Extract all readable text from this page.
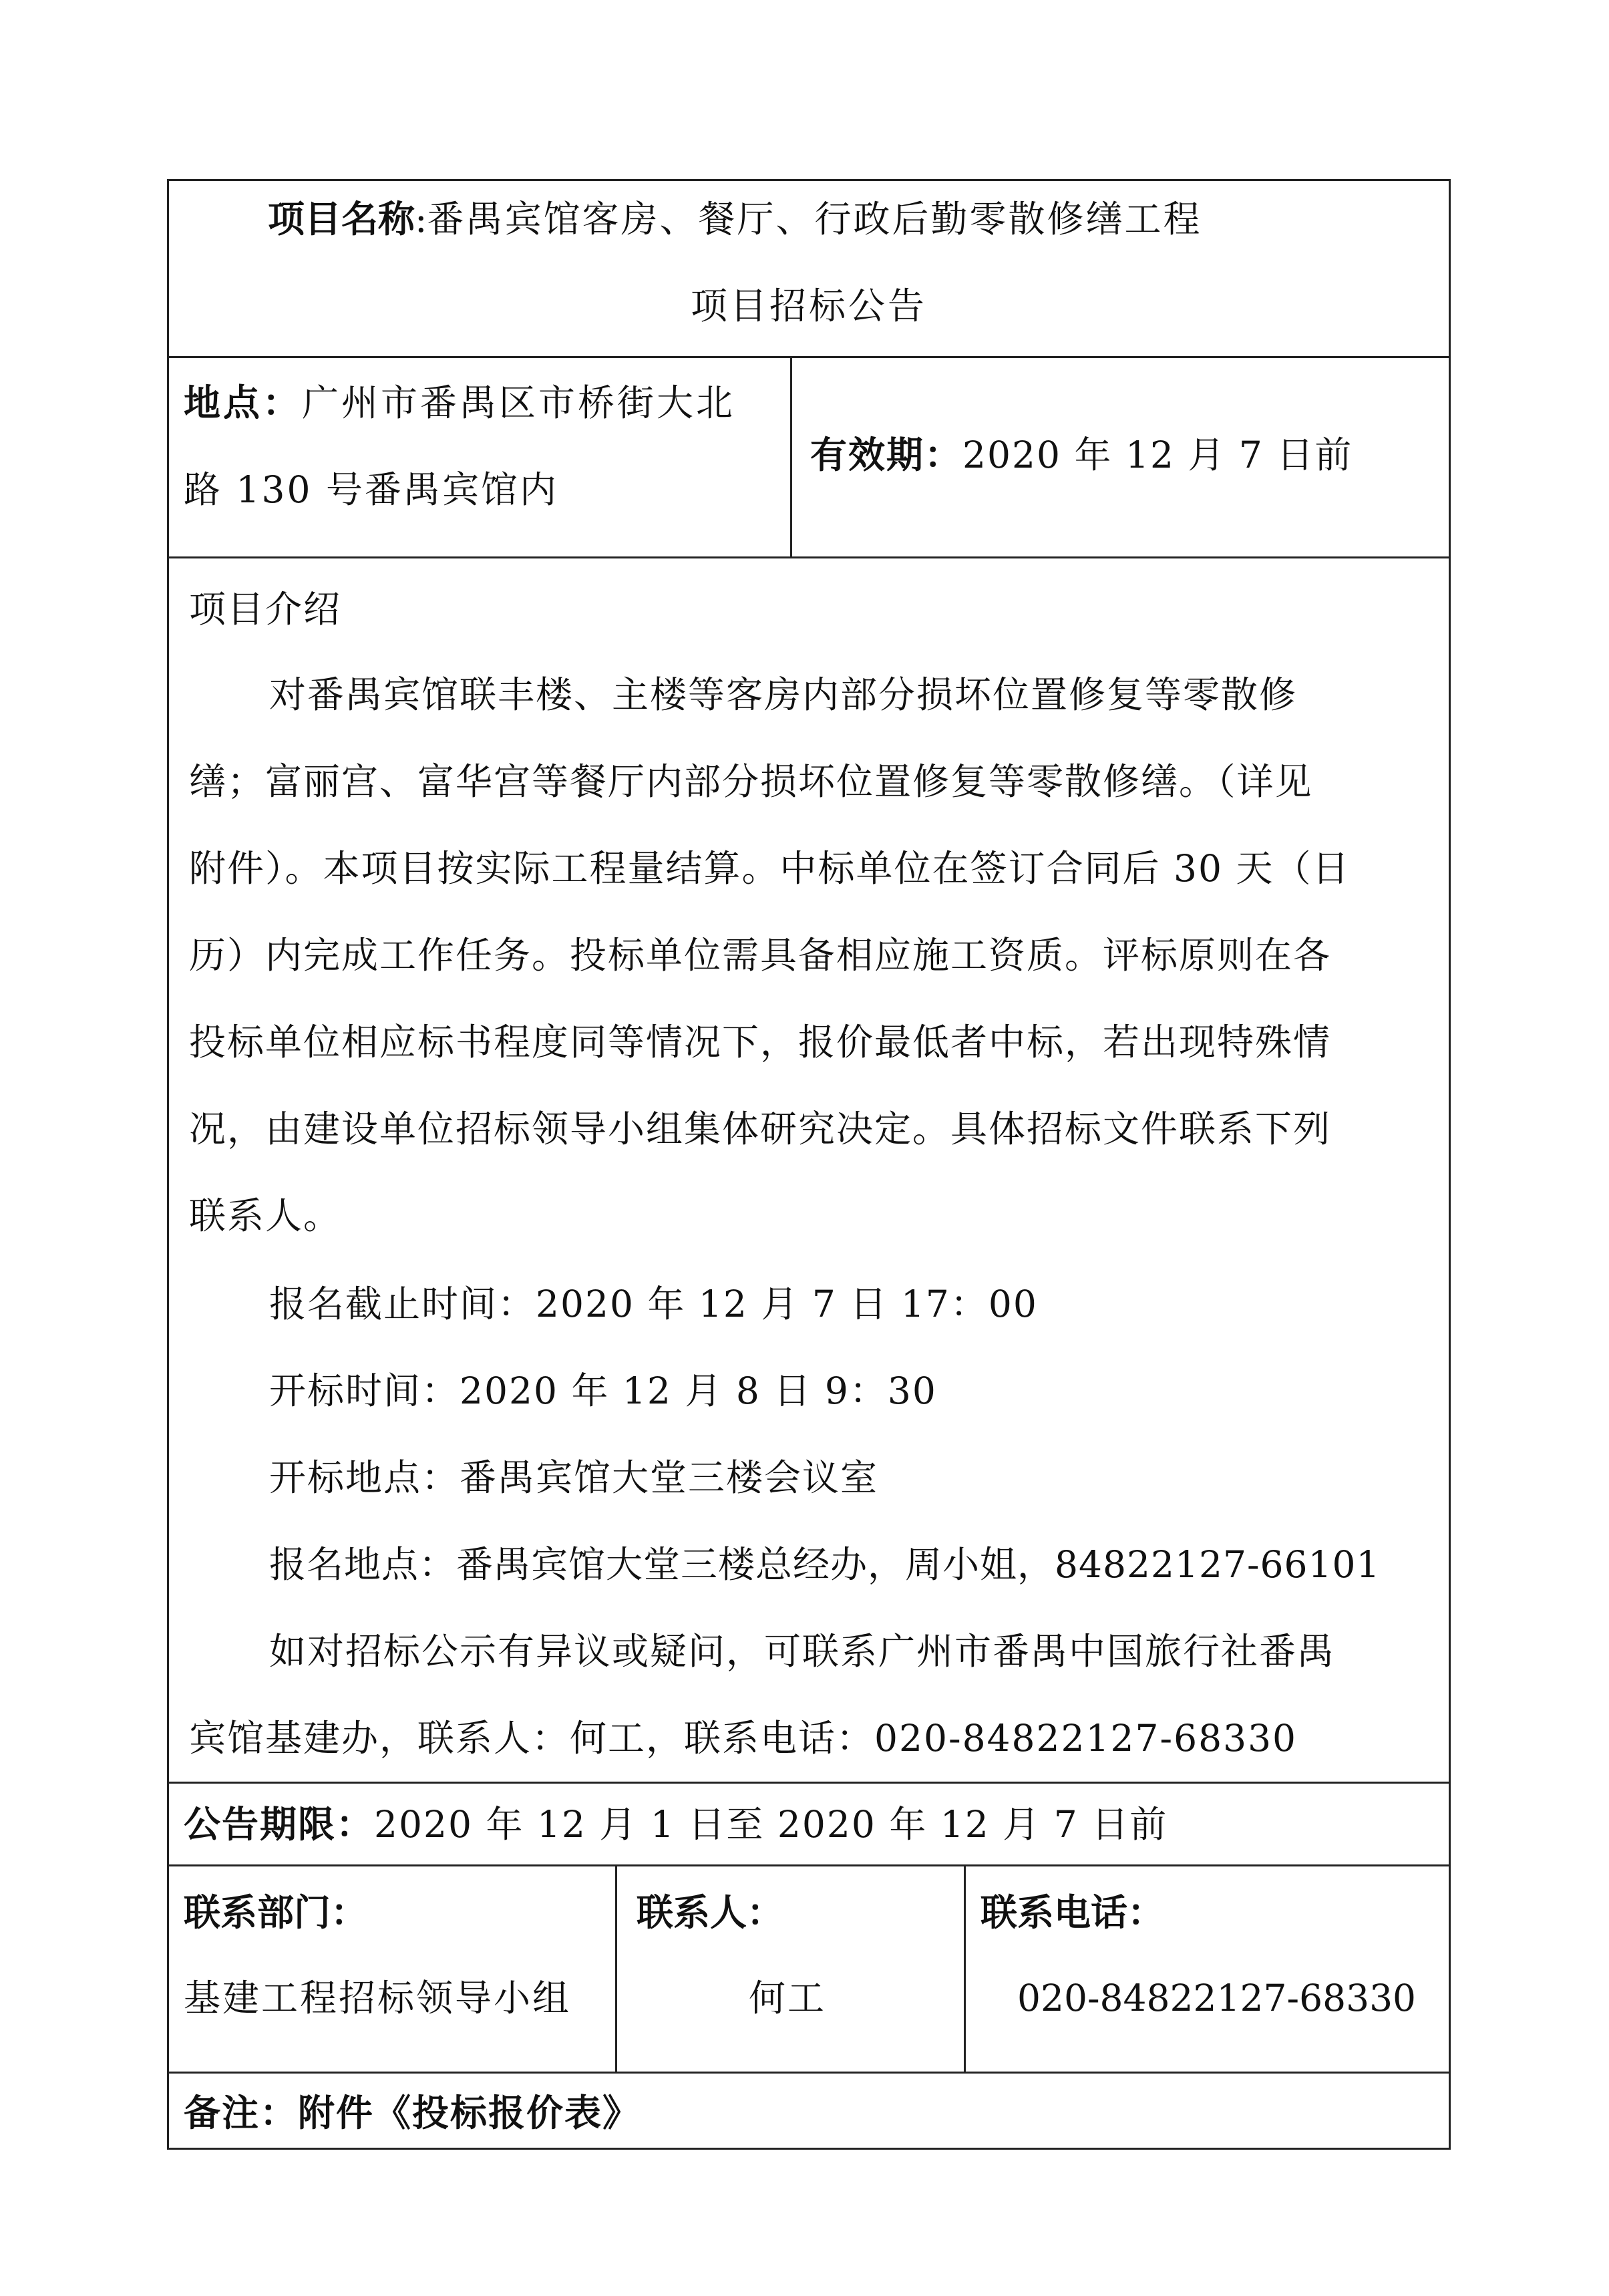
项目名称:番禺宾馆客房、餐厅、行政后勤零散修缮工程
项目招标公告
地点：广州市番禺区市桥街大北
路 130 号番禺宾馆内
有效期：2020 年 12 月 7 日前
项目介绍
对番禺宾馆联丰楼、主楼等客房内部分损坏位置修复等零散修
缮；富丽宫、富华宫等餐厅内部分损坏位置修复等零散修缮。（详见
附件）。本项目按实际工程量结算。中标单位在签订合同后 30 天（日
历）内完成工作任务。投标单位需具备相应施工资质。评标原则在各
投标单位相应标书程度同等情况下，报价最低者中标，若出现特殊情
况，由建设单位招标领导小组集体研究决定。具体招标文件联系下列
联系人。
报名截止时间：2020 年 12 月 7 日 17：00
开标时间：2020 年 12 月 8 日 9：30
开标地点：番禺宾馆大堂三楼会议室
报名地点：番禺宾馆大堂三楼总经办，周小姐，84822127-66101
如对招标公示有异议或疑问，可联系广州市番禺中国旅行社番禺
宾馆基建办，联系人：何工，联系电话：020-84822127-68330
公告期限：2020 年 12 月 1 日至 2020 年 12 月 7 日前
联系部门：
基建工程招标领导小组
联系人：
何工
联系电话：
020-84822127-68330
备注：附件《投标报价表》
